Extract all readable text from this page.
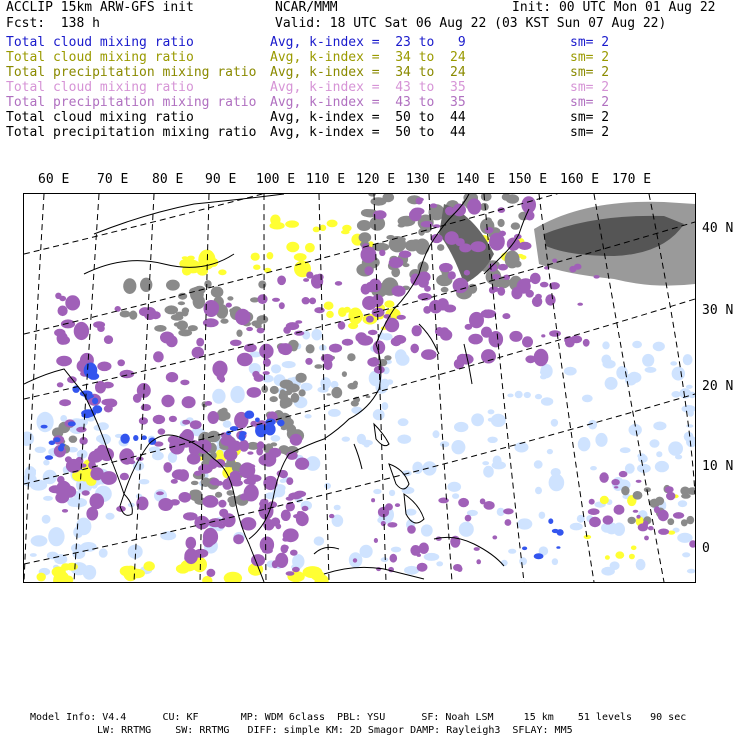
ACCLIP 15km ARW-GFS init	NCAR/MMM	Init: 00 UTC Mon 01 Aug 22
Fcst:  138 h	Valid: 18 UTC Sat 06 Aug 22 (03 KST Sun 07 Aug 22)
Total cloud mixing ratio	Avg, k-index =  23 to   9	sm= 2
Total cloud mixing ratio	Avg, k-index =  34 to  24	sm= 2
Total precipitation mixing ratio Avg, k-index =  34 to  24	sm= 2
Total cloud mixing ratio	Avg, k-index =  43 to  35	sm= 2
Total precipitation mixing ratio Avg, k-index =  43 to  35	sm= 2
Total cloud mixing ratio	Avg, k-index =  50 to  44	sm= 2
Total precipitation mixing ratio Avg, k-index =  50 to  44	sm= 2
60 E 70 E 80 E 90 E 100 E 110 E 120 E 130 E 140 E 150 E 160 E 170 E
40 N
30 N
20 N
10 N
0
Model Info: V4.4      CU: KF       MP: WDM 6class  PBL: YSU      SF: Noah LSM     15 km    51 levels   90 sec
LW: RRTMG    SW: RRTMG   DIFF: simple KM: 2D Smagor DAMP: Rayleigh3  SFLAY: MM5
